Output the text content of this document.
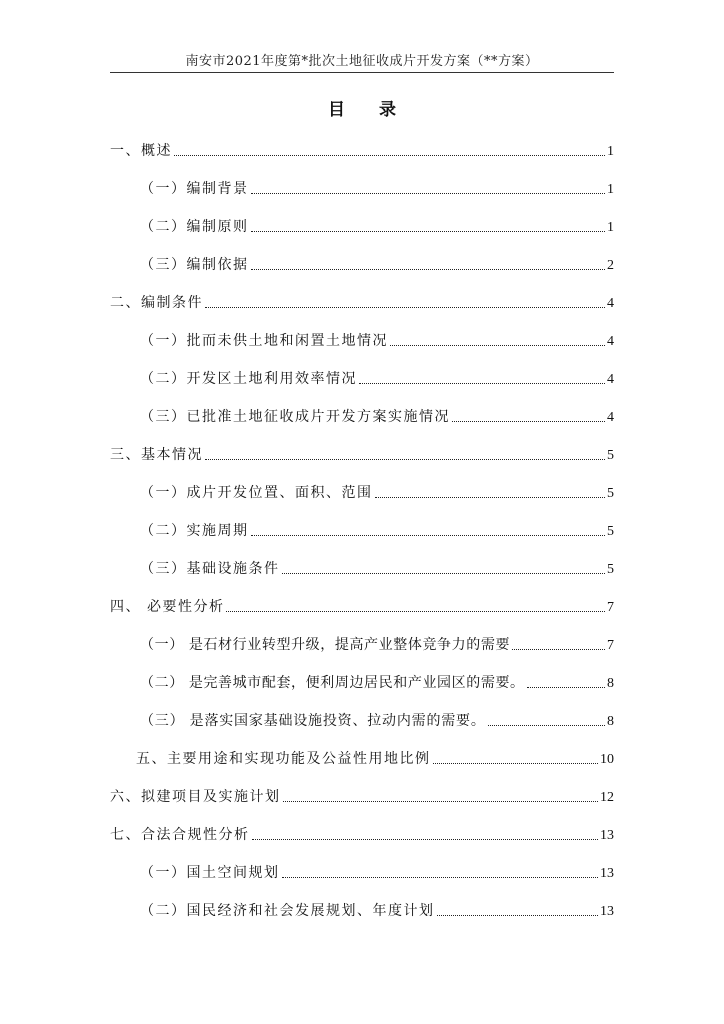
南安市2021年度第*批次土地征收成片开发方案（**方案）
目 录
一、概述	1
（一）编制背景	1
（二）编制原则	1
（三）编制依据	2
二、编制条件	4
（一）批而未供土地和闲置土地情况	4
（二）开发区土地利用效率情况	4
（三）已批准土地征收成片开发方案实施情况	4
三、基本情况	5
（一）成片开发位置、面积、范围	5
（二）实施周期	5
（三）基础设施条件	5
四、 必要性分析	7
（一） 是石材行业转型升级，提高产业整体竞争力的需要	7
（二） 是完善城市配套，便利周边居民和产业园区的需要。	8
（三） 是落实国家基础设施投资、拉动内需的需要。	8
五、主要用途和实现功能及公益性用地比例	10
六、拟建项目及实施计划	12
七、合法合规性分析	13
（一）国土空间规划	13
（二）国民经济和社会发展规划、年度计划	13
